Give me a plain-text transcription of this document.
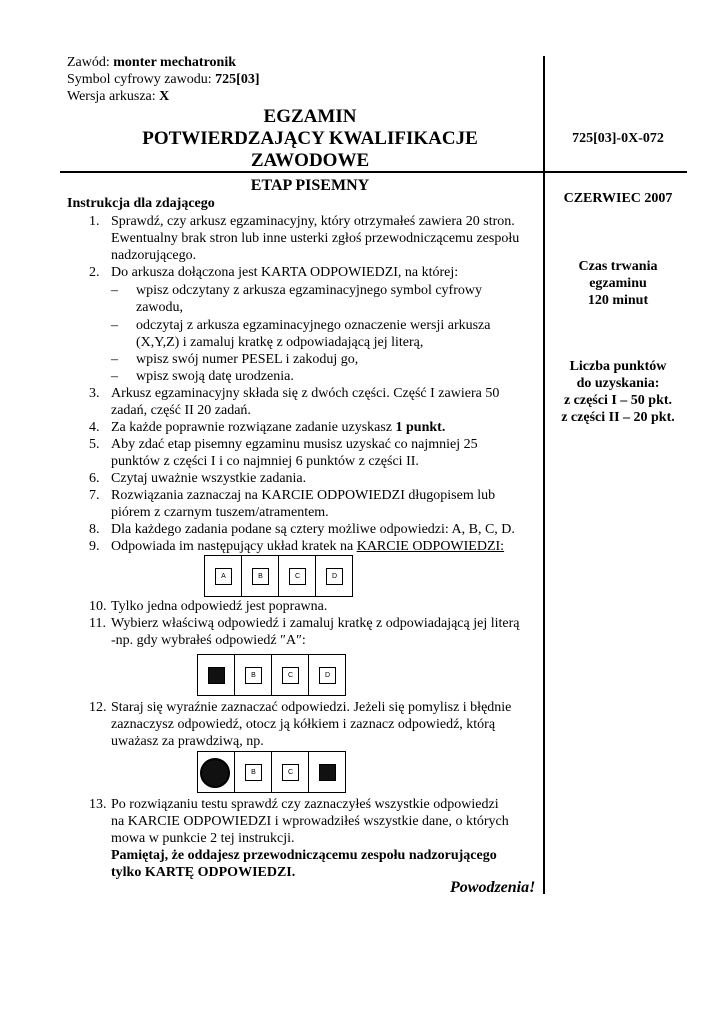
Zawód: monter mechatronik
Symbol cyfrowy zawodu: 725[03]
Wersja arkusza: X
EGZAMIN
POTWIERDZAJĄCY KWALIFIKACJE
ZAWODOWE
725[03]-0X-072
CZERWIEC 2007
Czas trwania
egzaminu
120 minut
Liczba punktów
do uzyskania:
z części I – 50 pkt.
z części II – 20 pkt.
ETAP PISEMNY
Instrukcja dla zdającego
1. Sprawdź, czy arkusz egzaminacyjny, który otrzymałeś zawiera 20 stron.
Ewentualny brak stron lub inne usterki zgłoś przewodniczącemu zespołu
nadzorującego.
2. Do arkusza dołączona jest KARTA ODPOWIEDZI, na której:
– wpisz odczytany z arkusza egzaminacyjnego symbol cyfrowy
zawodu,
– odczytaj z arkusza egzaminacyjnego oznaczenie wersji arkusza
(X,Y,Z) i zamaluj kratkę z odpowiadającą jej literą,
– wpisz swój numer PESEL i zakoduj go,
– wpisz swoją datę urodzenia.
3. Arkusz egzaminacyjny składa się z dwóch części. Część I zawiera 50
zadań, część II 20 zadań.
4. Za każde poprawnie rozwiązane zadanie uzyskasz 1 punkt.
5. Aby zdać etap pisemny egzaminu musisz uzyskać co najmniej 25
punktów z części I i co najmniej 6 punktów z części II.
6. Czytaj uważnie wszystkie zadania.
7. Rozwiązania zaznaczaj na KARCIE ODPOWIEDZI długopisem lub
piórem z czarnym tuszem/atramentem.
8. Dla każdego zadania podane są cztery możliwe odpowiedzi: A, B, C, D.
9. Odpowiada im następujący układ kratek na KARCIE ODPOWIEDZI:
A	B	C	D
10. Tylko jedna odpowiedź jest poprawna.
11. Wybierz właściwą odpowiedź i zamaluj kratkę z odpowiadającą jej literą
-np. gdy wybrałeś odpowiedź ″A″:
B	C	D
12. Staraj się wyraźnie zaznaczać odpowiedzi. Jeżeli się pomylisz i błędnie
zaznaczysz odpowiedź, otocz ją kółkiem i zaznacz odpowiedź, którą
uważasz za prawdziwą, np.
B	C
13. Po rozwiązaniu testu sprawdź czy zaznaczyłeś wszystkie odpowiedzi
na KARCIE ODPOWIEDZI i wprowadziłeś wszystkie dane, o których
mowa w punkcie 2 tej instrukcji.
Pamiętaj, że oddajesz przewodniczącemu zespołu nadzorującego
tylko KARTĘ ODPOWIEDZI.
Powodzenia!
